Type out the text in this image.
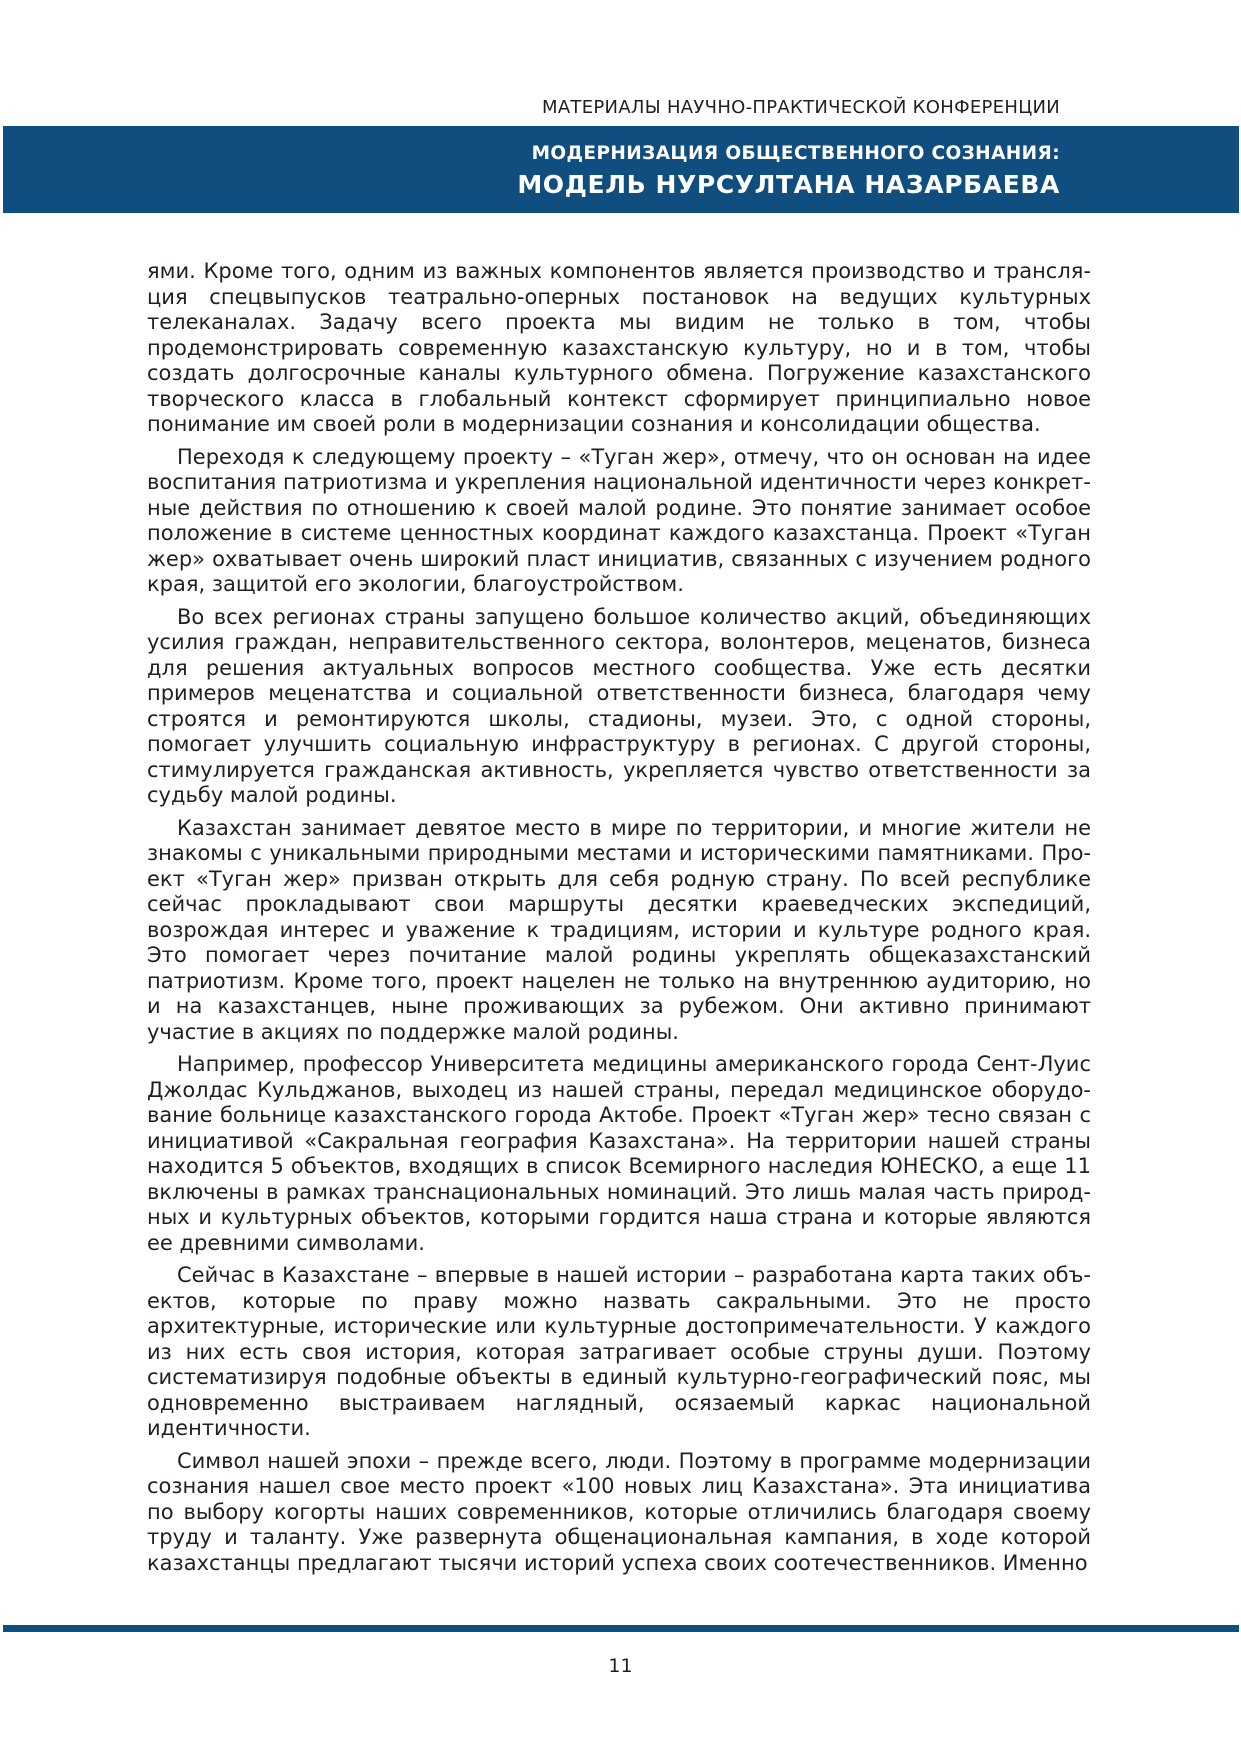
МАТЕРИАЛЫ НАУЧНО-ПРАКТИЧЕСКОЙ КОНФЕРЕНЦИИ
МОДЕРНИЗАЦИЯ ОБЩЕСТВЕННОГО СОЗНАНИЯ:
МОДЕЛЬ НУРСУЛТАНА НАЗАРБАЕВА

ями. Кроме того, одним из важных компонентов является производство и трансляция спецвыпусков театрально-оперных постановок на ведущих культурных телеканалах. Задачу всего проекта мы видим не только в том, чтобы продемонстрировать современную казахстанскую культуру, но и в том, чтобы создать долгосрочные каналы культурного обмена. Погружение казахстанского творческого класса в глобальный контекст сформирует принципиально новое понимание им своей роли в модернизации сознания и консолидации общества.

Переходя к следующему проекту – «Туган жер», отмечу, что он основан на идее воспитания патриотизма и укрепления национальной идентичности через конкретные действия по отношению к своей малой родине. Это понятие занимает особое положение в системе ценностных координат каждого казахстанца. Проект «Туган жер» охватывает очень широкий пласт инициатив, связанных с изучением родного края, защитой его экологии, благоустройством.

Во всех регионах страны запущено большое количество акций, объединяющих усилия граждан, неправительственного сектора, волонтеров, меценатов, бизнеса для решения актуальных вопросов местного сообщества. Уже есть десятки примеров меценатства и социальной ответственности бизнеса, благодаря чему строятся и ремонтируются школы, стадионы, музеи. Это, с одной стороны, помогает улучшить социальную инфраструктуру в регионах. С другой стороны, стимулируется гражданская активность, укрепляется чувство ответственности за судьбу малой родины.

Казахстан занимает девятое место в мире по территории, и многие жители не знакомы с уникальными природными местами и историческими памятниками. Проект «Туган жер» призван открыть для себя родную страну. По всей республике сейчас прокладывают свои маршруты десятки краеведческих экспедиций, возрождая интерес и уважение к традициям, истории и культуре родного края. Это помогает через почитание малой родины укреплять общеказахстанский патриотизм. Кроме того, проект нацелен не только на внутреннюю аудиторию, но и на казахстанцев, ныне проживающих за рубежом. Они активно принимают участие в акциях по поддержке малой родины.

Например, профессор Университета медицины американского города Сент-Луис Джолдас Кульджанов, выходец из нашей страны, передал медицинское оборудование больнице казахстанского города Актобе. Проект «Туган жер» тесно связан с инициативой «Сакральная география Казахстана». На территории нашей страны находится 5 объектов, входящих в список Всемирного наследия ЮНЕСКО, а еще 11 включены в рамках транснациональных номинаций. Это лишь малая часть природных и культурных объектов, которыми гордится наша страна и которые являются ее древними символами.

Сейчас в Казахстане – впервые в нашей истории – разработана карта таких объектов, которые по праву можно назвать сакральными. Это не просто архитектурные, исторические или культурные достопримечательности. У каждого из них есть своя история, которая затрагивает особые струны души. Поэтому систематизируя подобные объекты в единый культурно-географический пояс, мы одновременно выстраиваем наглядный, осязаемый каркас национальной идентичности.

Символ нашей эпохи – прежде всего, люди. Поэтому в программе модернизации сознания нашел свое место проект «100 новых лиц Казахстана». Эта инициатива по выбору когорты наших современников, которые отличились благодаря своему труду и таланту. Уже развернута общенациональная кампания, в ходе которой казахстанцы предлагают тысячи историй успеха своих соотечественников. Именно

11
